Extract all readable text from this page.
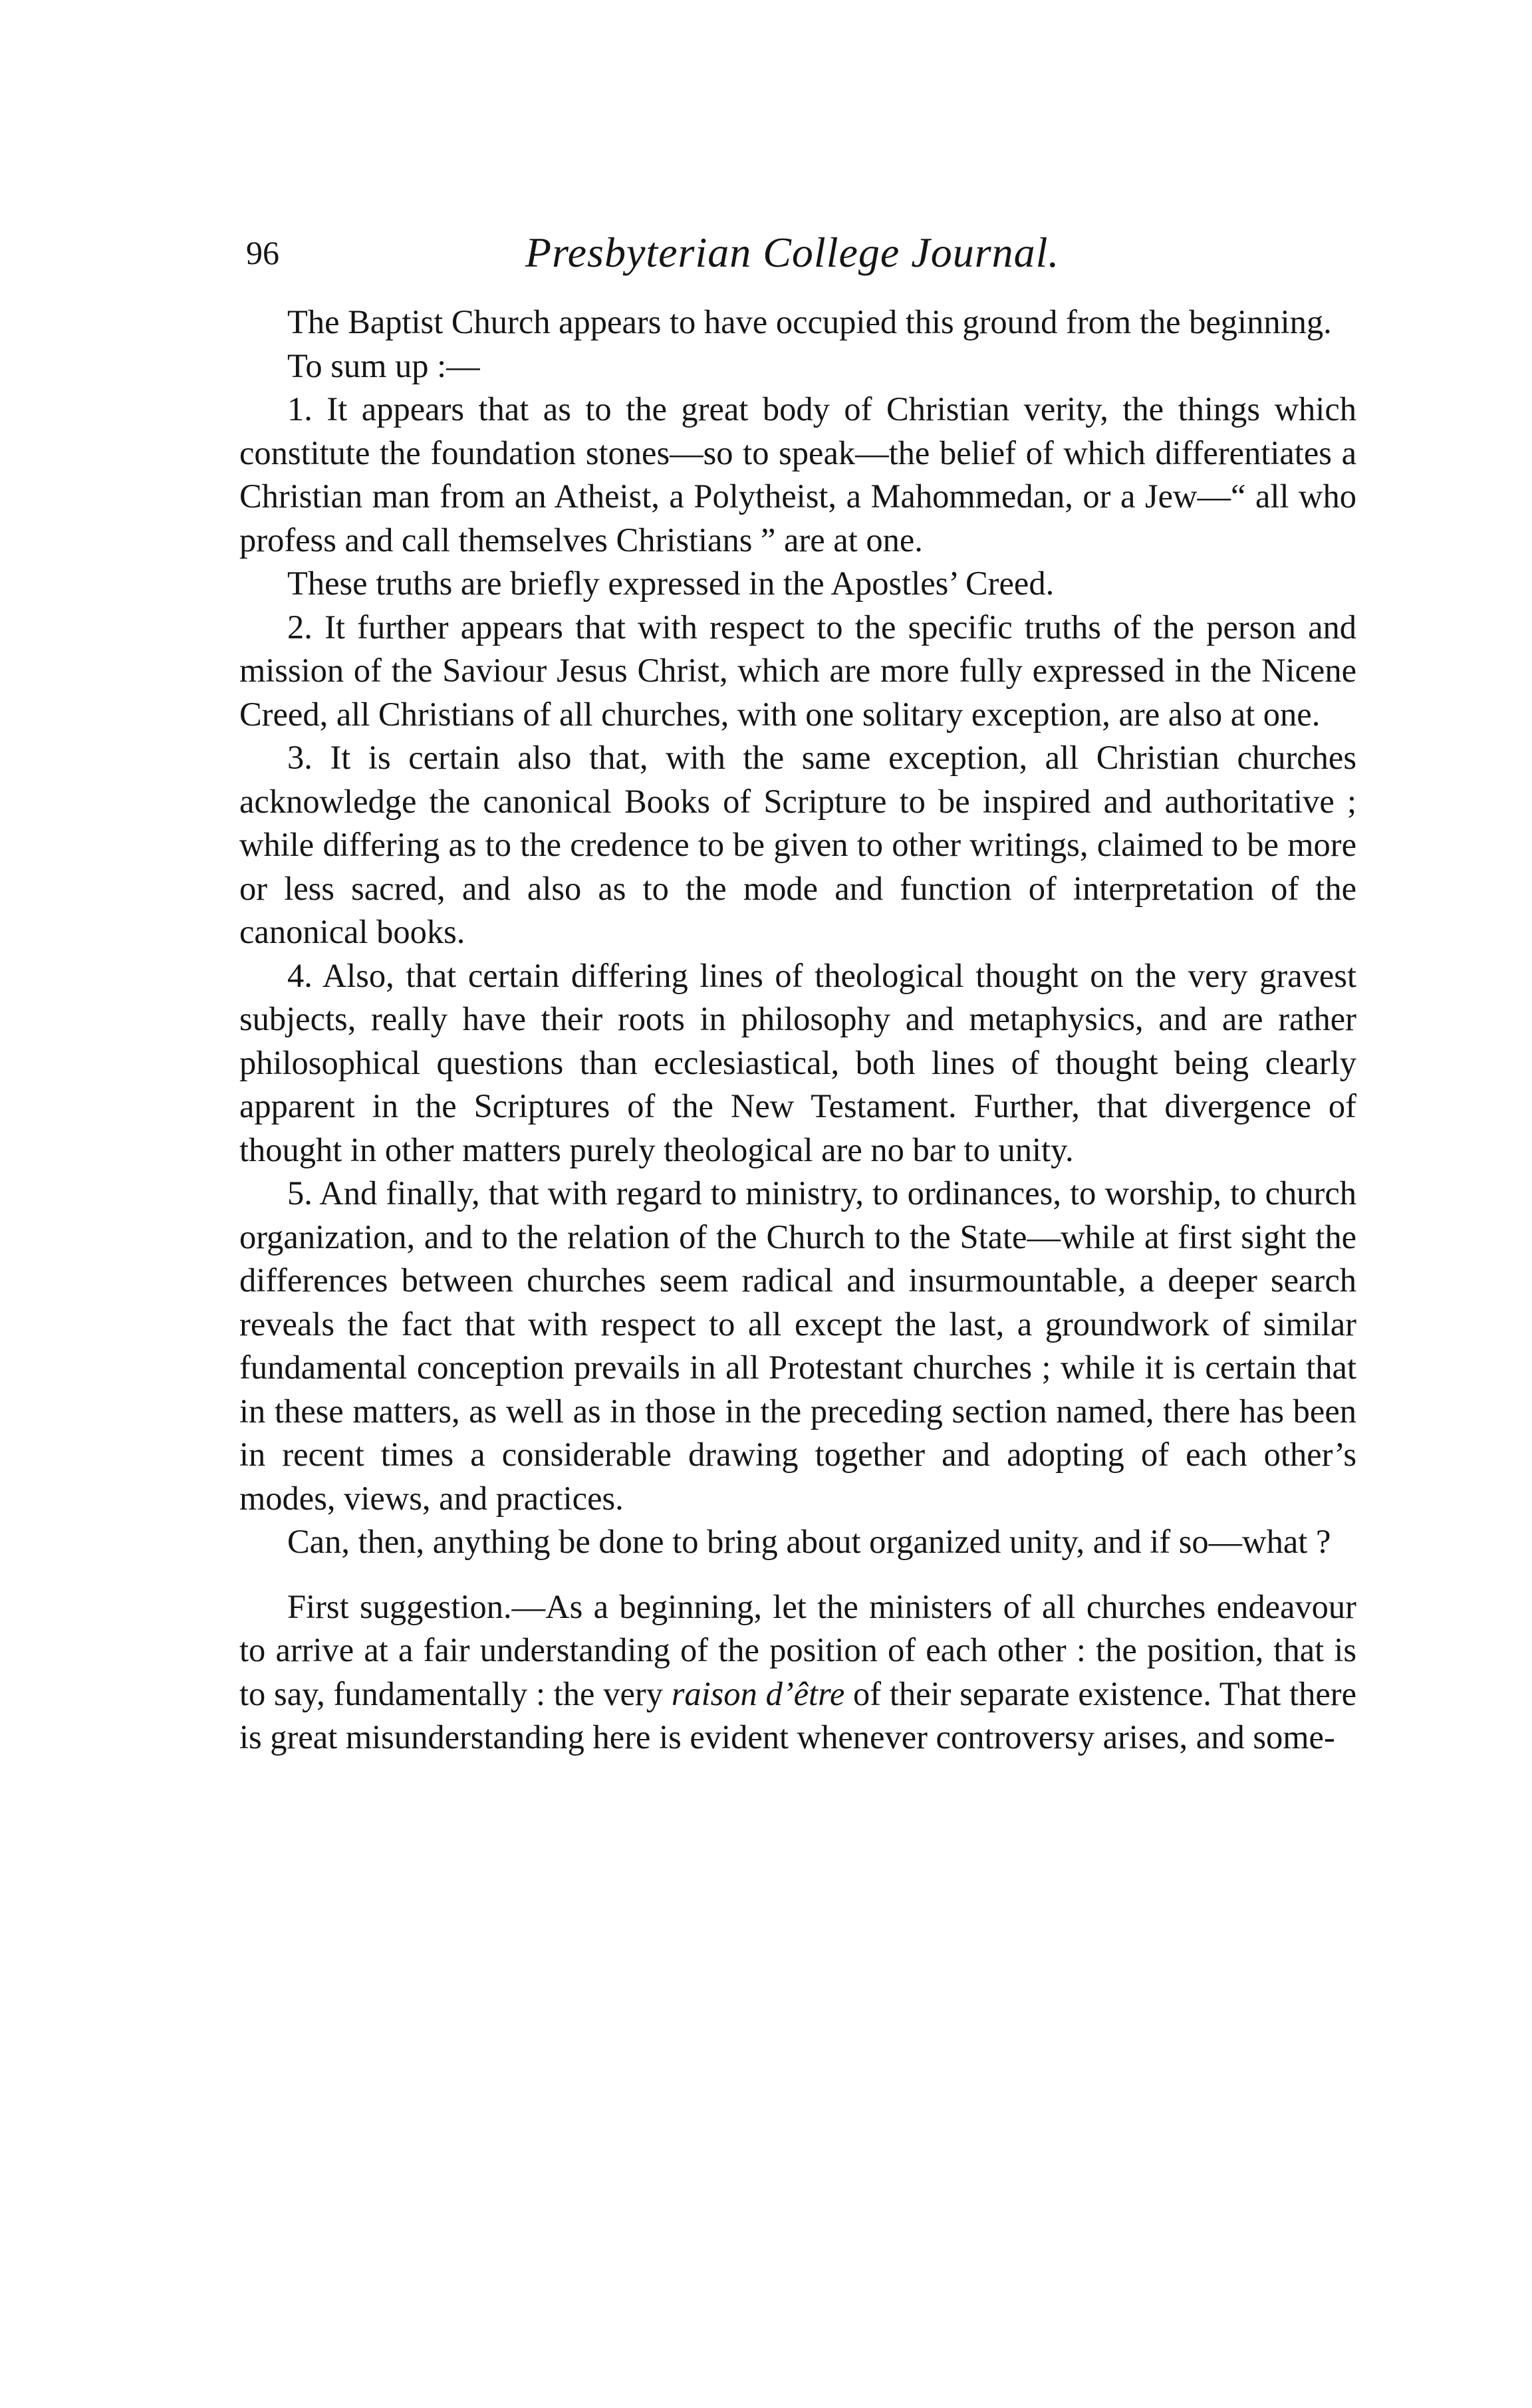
96	Presbyterian College Journal.

The Baptist Church appears to have occupied this ground from the beginning.

To sum up :—

1. It appears that as to the great body of Christian verity, the things which constitute the foundation stones—so to speak—the belief of which differentiates a Christian man from an Atheist, a Polytheist, a Mahommedan, or a Jew—“ all who profess and call themselves Christians ” are at one.

These truths are briefly expressed in the Apostles’ Creed.

2. It further appears that with respect to the specific truths of the person and mission of the Saviour Jesus Christ, which are more fully expressed in the Nicene Creed, all Christians of all churches, with one solitary exception, are also at one.

3. It is certain also that, with the same exception, all Christian churches acknowledge the canonical Books of Scripture to be inspired and authoritative ; while differing as to the credence to be given to other writings, claimed to be more or less sacred, and also as to the mode and function of interpretation of the canonical books.

4. Also, that certain differing lines of theological thought on the very gravest subjects, really have their roots in philosophy and metaphysics, and are rather philosophical questions than ecclesiastical, both lines of thought being clearly apparent in the Scriptures of the New Testament. Further, that divergence of thought in other matters purely theological are no bar to unity.

5. And finally, that with regard to ministry, to ordinances, to worship, to church organization, and to the relation of the Church to the State—while at first sight the differences between churches seem radical and insurmountable, a deeper search reveals the fact that with respect to all except the last, a groundwork of similar fundamental conception prevails in all Protestant churches ; while it is certain that in these matters, as well as in those in the preceding section named, there has been in recent times a considerable drawing together and adopting of each other’s modes, views, and practices.

Can, then, anything be done to bring about organized unity, and if so—what ?

First suggestion.—As a beginning, let the ministers of all churches endeavour to arrive at a fair understanding of the position of each other : the position, that is to say, fundamentally : the very raison d’être of their separate existence. That there is great misunderstanding here is evident whenever controversy arises, and some-
